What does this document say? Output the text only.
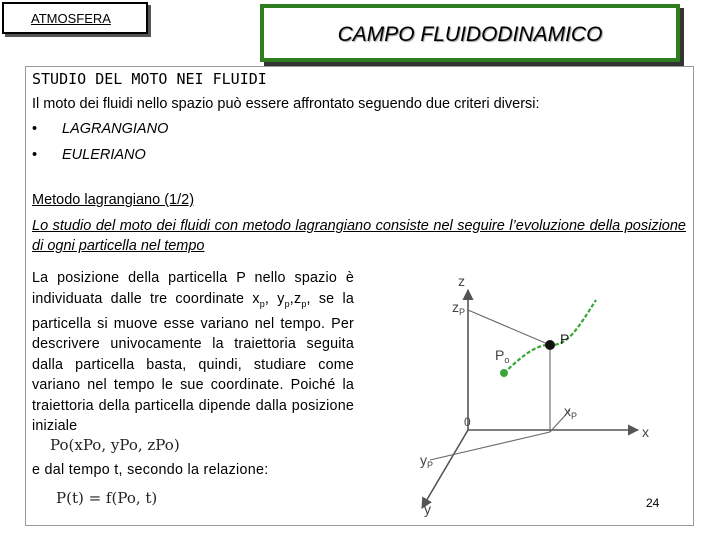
ATMOSFERA
CAMPO FLUIDODINAMICO
STUDIO DEL MOTO NEI FLUIDI
Il moto dei fluidi nello spazio può essere affrontato seguendo due criteri diversi:
• LAGRANGIANO
• EULERIANO
Metodo lagrangiano (1/2)
Lo studio del moto dei fluidi con metodo lagrangiano consiste nel seguire l’evoluzione della posizione di ogni particella nel tempo
La posizione della particella P nello spazio è individuata dalle tre coordinate $x_p$, $y_p,z_p$, se la particella si muove esse variano nel tempo. Per descrivere univocamente la traiettoria seguita dalla particella basta, quindi, studiare come variano nel tempo le sue coordinate. Poiché la traiettoria della particella dipende dalla posizione iniziale
Po(xPo, yPo, zPo)
e dal tempo t, secondo la relazione:
P(t) = f(Po, t)
z
$z_P$
$P_o$
P
0
$x_P$
x
$y_P$
y	24
